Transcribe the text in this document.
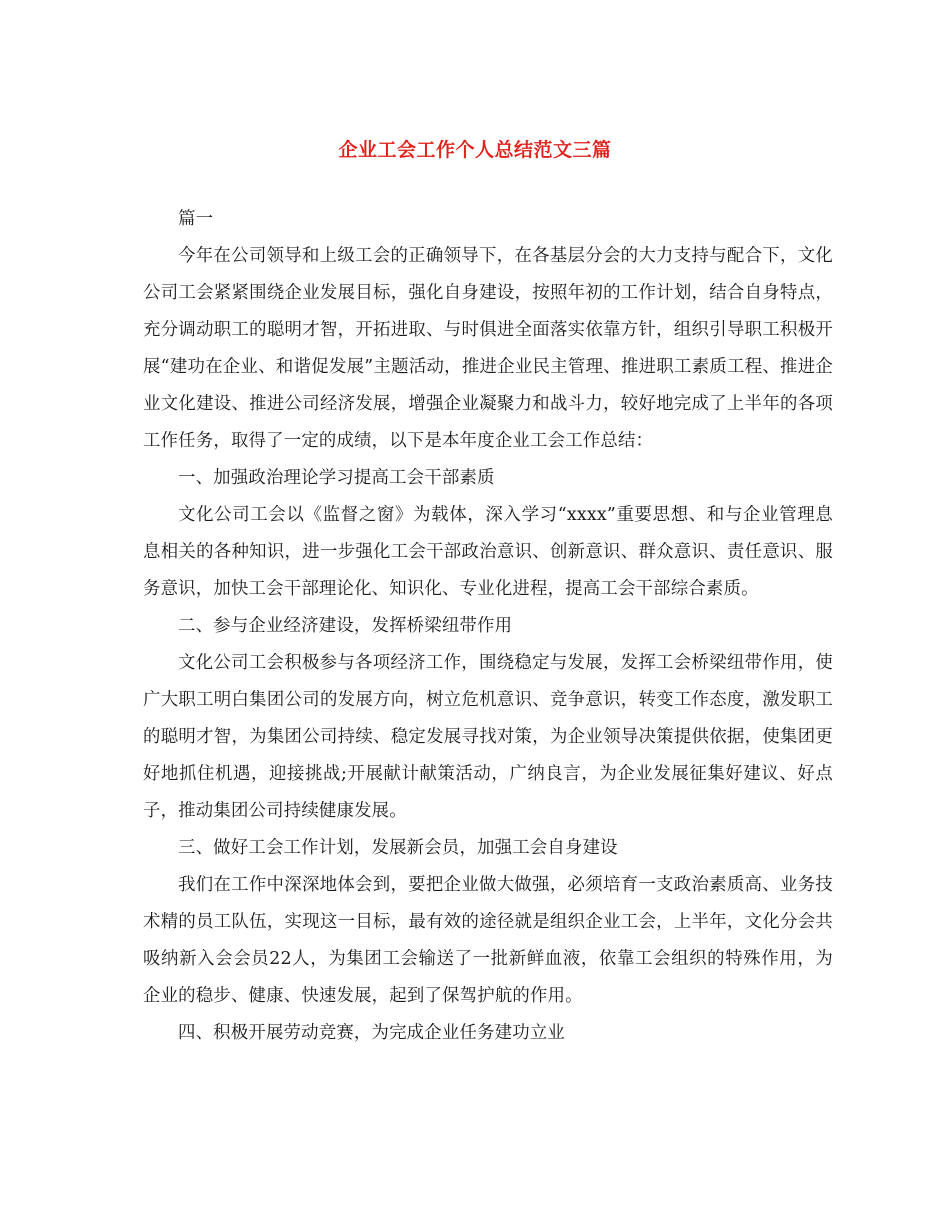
企业工会工作个人总结范文三篇

篇一

今年在公司领导和上级工会的正确领导下，在各基层分会的大力支持与配合下，文化公司工会紧紧围绕企业发展目标，强化自身建设，按照年初的工作计划，结合自身特点，充分调动职工的聪明才智，开拓进取、与时俱进全面落实依靠方针，组织引导职工积极开展“建功在企业、和谐促发展”主题活动，推进企业民主管理、推进职工素质工程、推进企业文化建设、推进公司经济发展，增强企业凝聚力和战斗力，较好地完成了上半年的各项工作任务，取得了一定的成绩，以下是本年度企业工会工作总结：

一、加强政治理论学习提高工会干部素质

文化公司工会以《监督之窗》为载体，深入学习“xxxx”重要思想、和与企业管理息息相关的各种知识，进一步强化工会干部政治意识、创新意识、群众意识、责任意识、服务意识，加快工会干部理论化、知识化、专业化进程，提高工会干部综合素质。

二、参与企业经济建设，发挥桥梁纽带作用

文化公司工会积极参与各项经济工作，围绕稳定与发展，发挥工会桥梁纽带作用，使广大职工明白集团公司的发展方向，树立危机意识、竞争意识，转变工作态度，激发职工的聪明才智，为集团公司持续、稳定发展寻找对策，为企业领导决策提供依据，使集团更好地抓住机遇，迎接挑战;开展献计献策活动，广纳良言，为企业发展征集好建议、好点子，推动集团公司持续健康发展。

三、做好工会工作计划，发展新会员，加强工会自身建设

我们在工作中深深地体会到，要把企业做大做强，必须培育一支政治素质高、业务技术精的员工队伍，实现这一目标，最有效的途径就是组织企业工会，上半年，文化分会共吸纳新入会会员22人，为集团工会输送了一批新鲜血液，依靠工会组织的特殊作用，为企业的稳步、健康、快速发展，起到了保驾护航的作用。

四、积极开展劳动竞赛，为完成企业任务建功立业
